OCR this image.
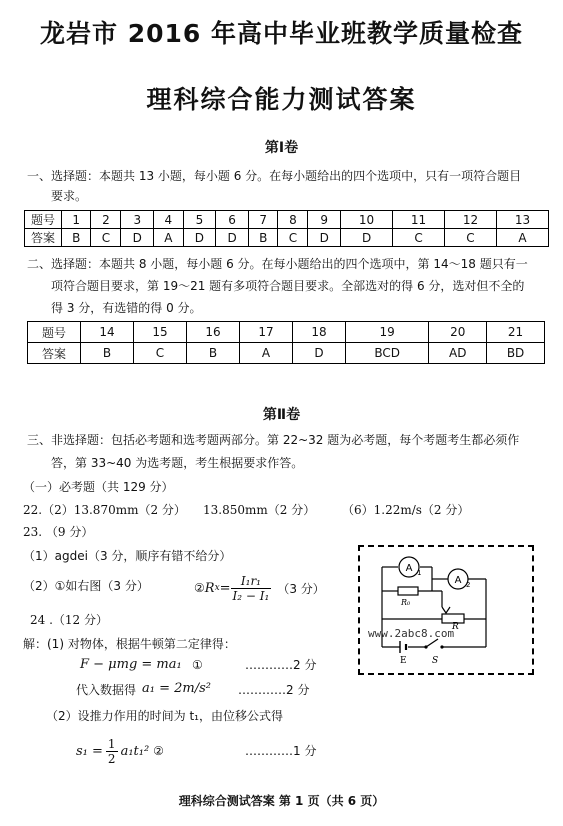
龙岩市 2016 年高中毕业班教学质量检查
理科综合能力测试答案
第Ⅰ卷
一、选择题：本题共 13 小题，每小题 6 分。在每小题给出的四个选项中，只有一项符合题目
要求。
题号	1	2	3	4	5	6	7	8	9	10	11	12	13
答案	B	C	D	A	D	D	B	C	D	D	C	C	A
二、选择题：本题共 8 小题，每小题 6 分。在每小题给出的四个选项中，第 14～18 题只有一
项符合题目要求，第 19～21 题有多项符合题目要求。全部选对的得 6 分，选对但不全的
得 3 分，有选错的得 0 分。
题号	14	15	16	17	18	19	20	21
答案	B	C	B	A	D	BCD	AD	BD
第Ⅱ卷
三、非选择题：包括必考题和选考题两部分。第 22~32 题为必考题，每个考题考生都必须作
答，第 33~40 为选考题，考生根据要求作答。
（一）必考题（共 129 分）
22.（2）13.870mm（2 分） 13.850mm（2 分） （6）1.22m/s（2 分）
23. （9 分）
（1）agdei（3 分，顺序有错不给分）
（2）①如右图（3 分）	② R $x = \frac{\text{I₁r₁}}{\text{I₂ − I₁}} (3$ 分）
24 .（12 分）
解：(1) 对物体，根据牛顿第二定律得：
F − μmg = ma₁ ①	…………2 分
代入数据得 a₁ = 2m/s² …………2 分
（2）设推力作用的时间为 t₁，由位移公式得
$s_1 = \frac{1}{2} a_1t_1^2$ ②	…………1 分
A 1
A 2
R₀
R
E	S
www.2abc8.com
理科综合测试答案 第 1 页（共 6 页）
